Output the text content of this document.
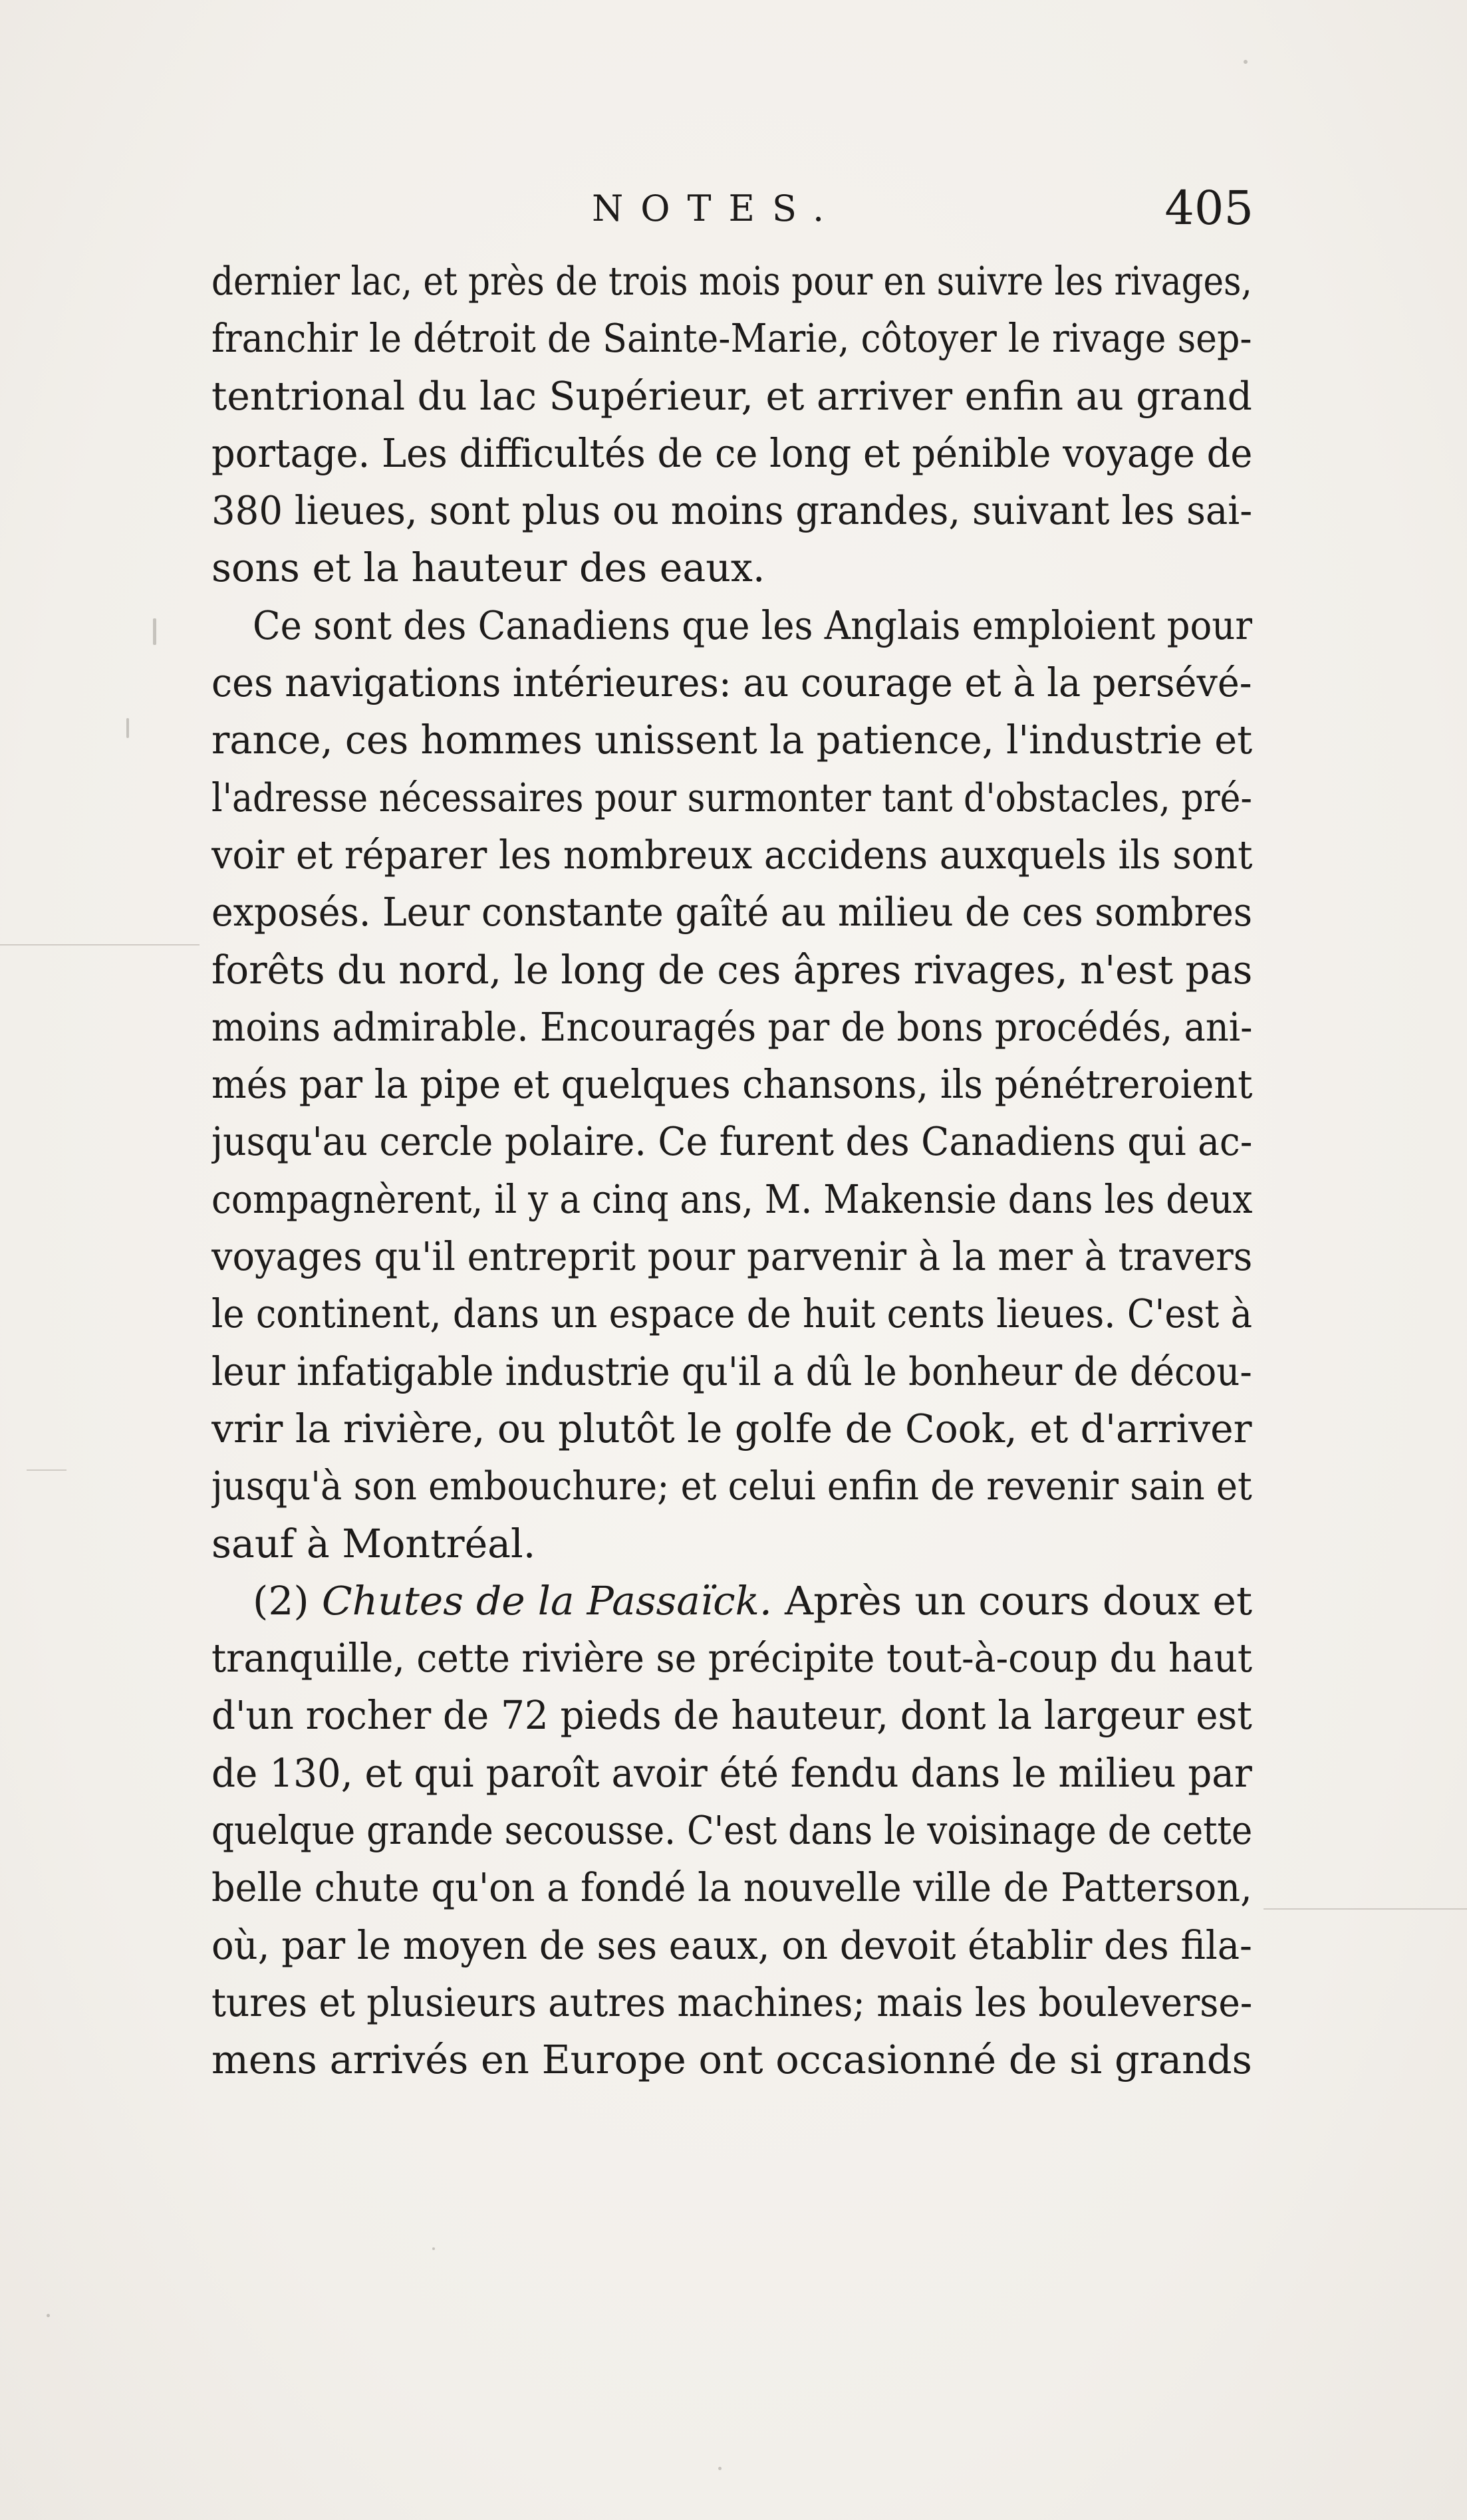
NOTES.	405
dernier lac, et près de trois mois pour en suivre les rivages,
franchir le détroit de Sainte-Marie, côtoyer le rivage sep-
tentrional du lac Supérieur, et arriver enfin au grand
portage. Les difficultés de ce long et pénible voyage de
380 lieues, sont plus ou moins grandes, suivant les sai-
sons et la hauteur des eaux.
Ce sont des Canadiens que les Anglais emploient pour
ces navigations intérieures: au courage et à la persévé-
rance, ces hommes unissent la patience, l'industrie et
l'adresse nécessaires pour surmonter tant d'obstacles, pré-
voir et réparer les nombreux accidens auxquels ils sont
exposés. Leur constante gaîté au milieu de ces sombres
forêts du nord, le long de ces âpres rivages, n'est pas
moins admirable. Encouragés par de bons procédés, ani-
més par la pipe et quelques chansons, ils pénétreroient
jusqu'au cercle polaire. Ce furent des Canadiens qui ac-
compagnèrent, il y a cinq ans, M. Makensie dans les deux
voyages qu'il entreprit pour parvenir à la mer à travers
le continent, dans un espace de huit cents lieues. C'est à
leur infatigable industrie qu'il a dû le bonheur de décou-
vrir la rivière, ou plutôt le golfe de Cook, et d'arriver
jusqu'à son embouchure; et celui enfin de revenir sain et
sauf à Montréal.
(2) Chutes de la Passaïck. Après un cours doux et
tranquille, cette rivière se précipite tout-à-coup du haut
d'un rocher de 72 pieds de hauteur, dont la largeur est
de 130, et qui paroît avoir été fendu dans le milieu par
quelque grande secousse. C'est dans le voisinage de cette
belle chute qu'on a fondé la nouvelle ville de Patterson,
où, par le moyen de ses eaux, on devoit établir des fila-
tures et plusieurs autres machines; mais les bouleverse-
mens arrivés en Europe ont occasionné de si grands
